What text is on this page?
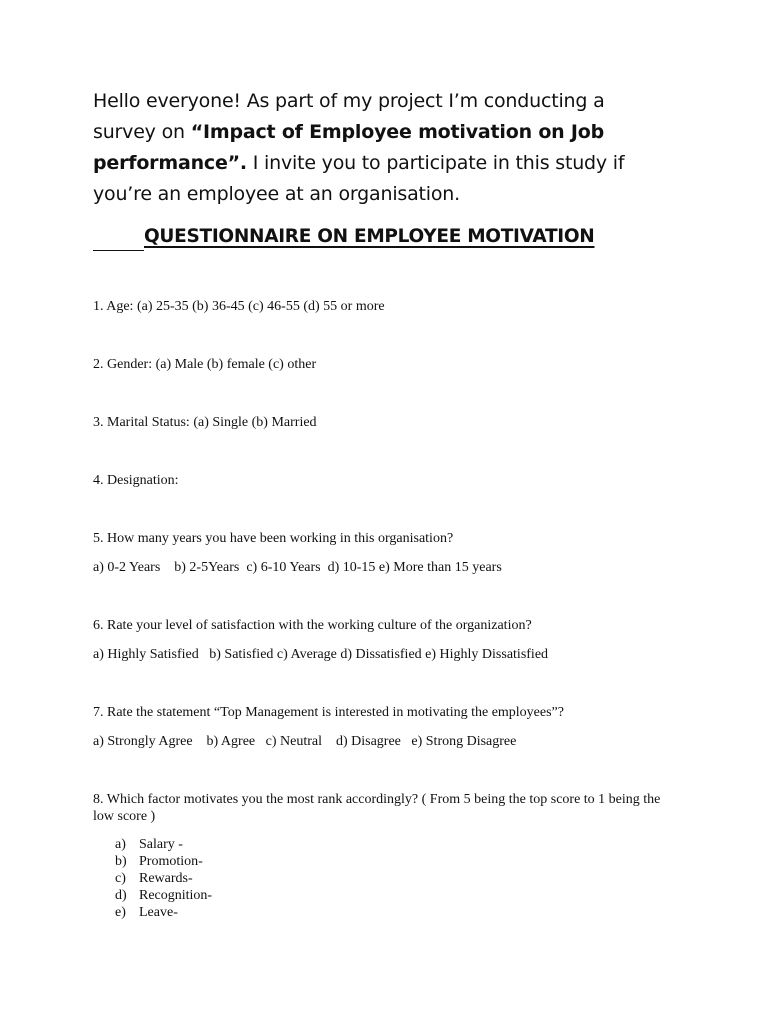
Hello everyone! As part of my project I’m conducting a survey on “Impact of Employee motivation on Job performance”. I invite you to participate in this study if you’re an employee at an organisation.
QUESTIONNAIRE ON EMPLOYEE MOTIVATION
1. Age: (a) 25-35 (b) 36-45 (c) 46-55 (d) 55 or more
2. Gender: (a) Male (b) female (c) other
3. Marital Status: (a) Single (b) Married
4. Designation:
5. How many years you have been working in this organisation?
a) 0-2 Years    b) 2-5Years  c) 6-10 Years  d) 10-15 e) More than 15 years
6. Rate your level of satisfaction with the working culture of the organization?
a) Highly Satisfied   b) Satisfied c) Average d) Dissatisfied e) Highly Dissatisfied
7. Rate the statement “Top Management is interested in motivating the employees”?
a) Strongly Agree    b) Agree   c) Neutral    d) Disagree   e) Strong Disagree
8. Which factor motivates you the most rank accordingly? ( From 5 being the top score to 1 being the low score )
a) Salary -
b) Promotion-
c) Rewards-
d) Recognition-
e) Leave-
